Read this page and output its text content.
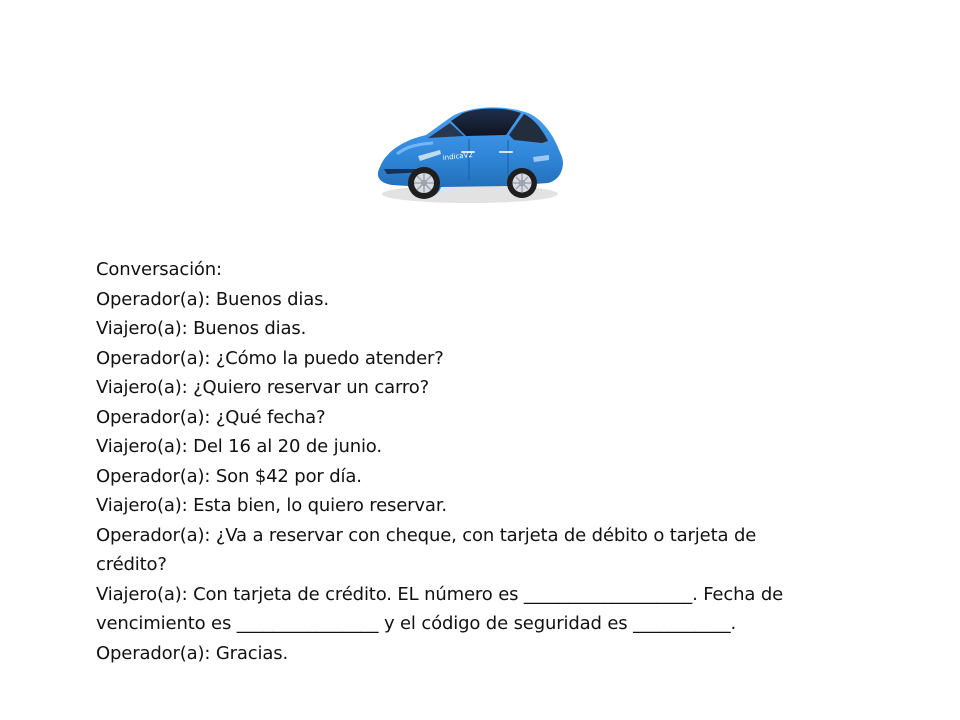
indicaV2

Conversación:

Operador(a): Buenos dias.

Viajero(a): Buenos dias.

Operador(a): ¿Cómo la puedo atender?

Viajero(a): ¿Quiero reservar un carro?

Operador(a): ¿Qué fecha?

Viajero(a): Del 16 al 20 de junio.

Operador(a): Son $42 por día.

Viajero(a): Esta bien, lo quiero reservar.

Operador(a): ¿Va a reservar con cheque, con tarjeta de débito o tarjeta de crédito?

Viajero(a): Con tarjeta de crédito. EL número es ___________________. Fecha de vencimiento es ________________ y el código de seguridad es ___________.

Operador(a): Gracias.
